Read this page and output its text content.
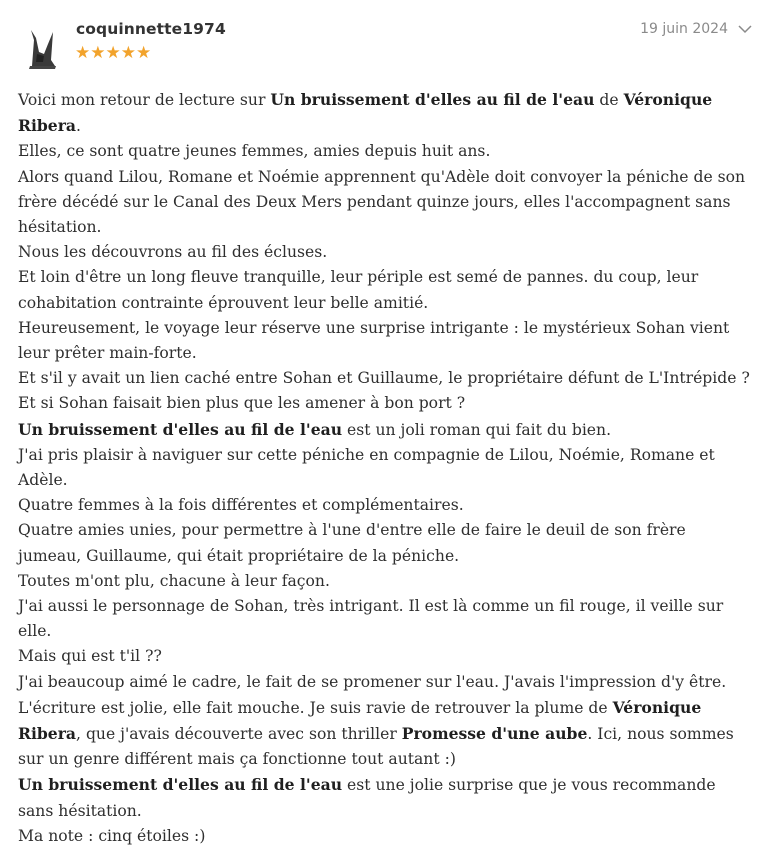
coquinnette1974
★★★★★
19 juin 2024

Voici mon retour de lecture sur Un bruissement d'elles au fil de l'eau de Véronique Ribera.

Elles, ce sont quatre jeunes femmes, amies depuis huit ans.

Alors quand Lilou, Romane et Noémie apprennent qu'Adèle doit convoyer la péniche de son frère décédé sur le Canal des Deux Mers pendant quinze jours, elles l'accompagnent sans hésitation.

Nous les découvrons au fil des écluses.

Et loin d'être un long fleuve tranquille, leur périple est semé de pannes. du coup, leur cohabitation contrainte éprouvent leur belle amitié.

Heureusement, le voyage leur réserve une surprise intrigante : le mystérieux Sohan vient leur prêter main-forte.

Et s'il y avait un lien caché entre Sohan et Guillaume, le propriétaire défunt de L'Intrépide ?

Et si Sohan faisait bien plus que les amener à bon port ?

Un bruissement d'elles au fil de l'eau est un joli roman qui fait du bien.

J'ai pris plaisir à naviguer sur cette péniche en compagnie de Lilou, Noémie, Romane et Adèle.

Quatre femmes à la fois différentes et complémentaires.

Quatre amies unies, pour permettre à l'une d'entre elle de faire le deuil de son frère jumeau, Guillaume, qui était propriétaire de la péniche.

Toutes m'ont plu, chacune à leur façon.

J'ai aussi le personnage de Sohan, très intrigant. Il est là comme un fil rouge, il veille sur elle.

Mais qui est t'il ??

J'ai beaucoup aimé le cadre, le fait de se promener sur l'eau. J'avais l'impression d'y être.

L'écriture est jolie, elle fait mouche. Je suis ravie de retrouver la plume de Véronique Ribera, que j'avais découverte avec son thriller Promesse d'une aube. Ici, nous sommes sur un genre différent mais ça fonctionne tout autant :)

Un bruissement d'elles au fil de l'eau est une jolie surprise que je vous recommande sans hésitation.

Ma note : cinq étoiles :)
